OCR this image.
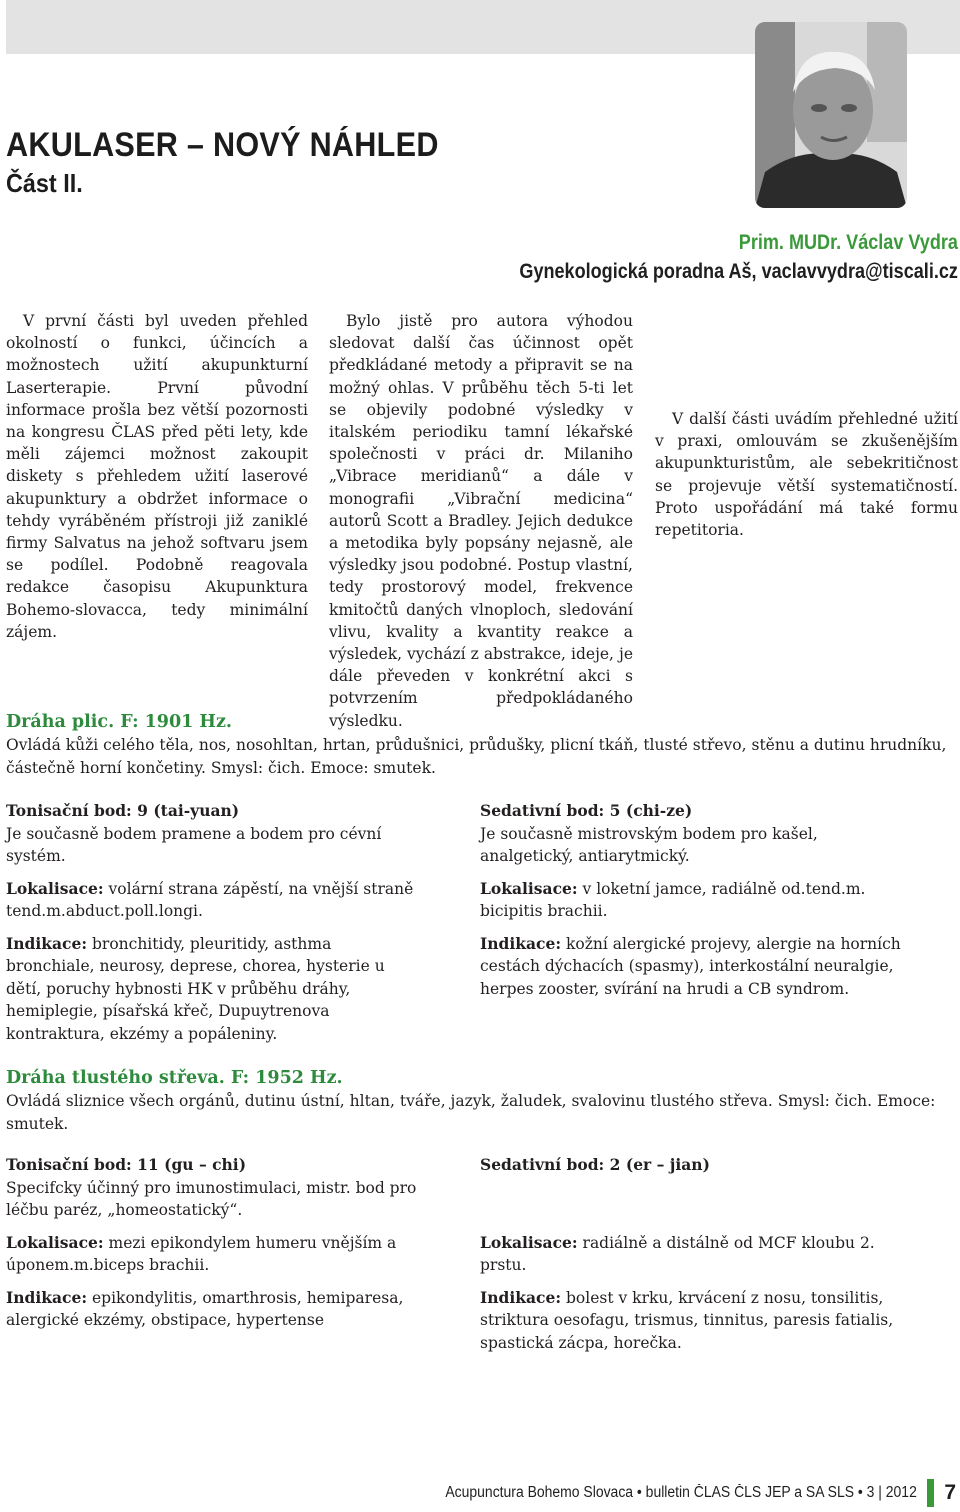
AKULASER – NOVÝ NÁHLED
Část II.
Prim. MUDr. Václav Vydra
Gynekologická poradna Aš, vaclavvydra@tiscali.cz

V první části byl uveden přehled okolností o funkci, účincích a možnostech užití akupunkturní Laserterapie. První původní informace prošla bez větší pozornosti na kongresu ČLAS před pěti lety, kde měli zájemci možnost zakoupit diskety s přehledem užití laserové akupunktury a obdržet informace o tehdy vyráběném přístroji již zaniklé firmy Salvatus na jehož softvaru jsem se podílel. Podobně reagovala redakce časopisu Akupunktura Bohemo-slovacca, tedy minimální zájem.

Bylo jistě pro autora výhodou sledovat další čas účinnost opět předkládané metody a připravit se na možný ohlas. V průběhu těch 5-ti let se objevily podobné výsledky v italském periodiku tamní lékařské společnosti v práci dr. Milaniho „Vibrace meridianů“ a dále v monografii „Vibrační medicina“ autorů Scott a Bradley. Jejich dedukce a metodika byly popsány nejasně, ale výsledky jsou podobné. Postup vlastní, tedy prostorový model, frekvence kmitočtů daných vlnoploch, sledování vlivu, kvality a kvantity reakce a výsledek, vychází z abstrakce, ideje, je dále převeden v konkrétní akci s potvrzením předpokládaného výsledku.

V další části uvádím přehledné užití v praxi, omlouvám se zkušenějším akupunkturistům, ale sebekritičnost se projevuje větší systematičností. Proto uspořádání má také formu repetitoria.

Dráha plic. F: 1901 Hz.

Ovládá kůži celého těla, nos, nosohltan, hrtan, průdušnici, průdušky, plicní tkáň, tlusté střevo, stěnu a dutinu hrudníku, částečně horní končetiny. Smysl: čich. Emoce: smutek.

Tonisační bod: 9 (tai-yuan)

Je současně bodem pramene a bodem pro cévní systém.

Lokalisace: volární strana zápěstí, na vnější straně tend.m.abduct.poll.longi.

Indikace: bronchitidy, pleuritidy, asthma bronchiale, neurosy, deprese, chorea, hysterie u dětí, poruchy hybnosti HK v průběhu dráhy, hemiplegie, písařská křeč, Dupuytrenova kontraktura, ekzémy a popáleniny.

Sedativní bod: 5 (chi-ze)

Je současně mistrovským bodem pro kašel, analgetický, antiarytmický.

Lokalisace: v loketní jamce, radiálně od.tend.m. bicipitis brachii.

Indikace: kožní alergické projevy, alergie na horních cestách dýchacích (spasmy), interkostální neuralgie, herpes zooster, svírání na hrudi a CB syndrom.

Dráha tlustého střeva. F: 1952 Hz.

Ovládá sliznice všech orgánů, dutinu ústní, hltan, tváře, jazyk, žaludek, svalovinu tlustého střeva. Smysl: čich. Emoce: smutek.

Tonisační bod: 11 (gu – chi)

Specifcky účinný pro imunostimulaci, mistr. bod pro léčbu paréz, „homeostatický“.

Lokalisace: mezi epikondylem humeru vnějším a úponem.m.biceps brachii.

Indikace: epikondylitis, omarthrosis, hemiparesa, alergické ekzémy, obstipace, hypertense

Sedativní bod: 2 (er – jian)

Lokalisace: radiálně a distálně od MCF kloubu 2. prstu.

Indikace: bolest v krku, krvácení z nosu, tonsilitis, striktura oesofagu, trismus, tinnitus, paresis fatialis, spastická zácpa, horečka.

Acupunctura Bohemo Slovaca • bulletin ČLAS ČLS JEP a SA SLS • 3 | 2012 7
